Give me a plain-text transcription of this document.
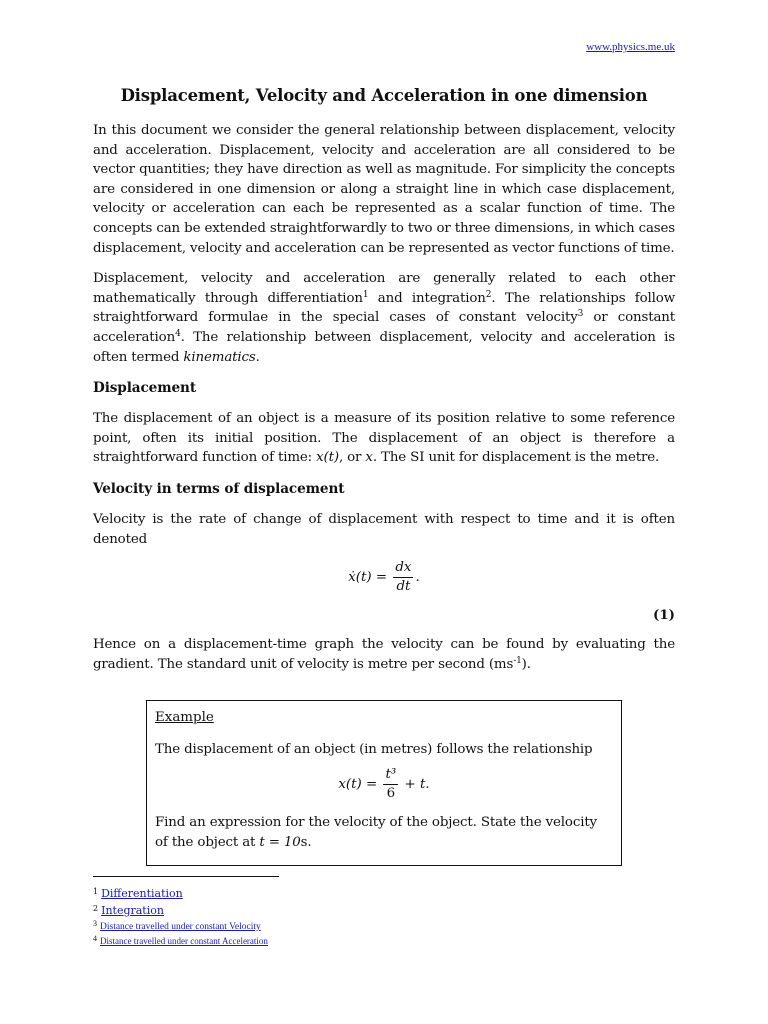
www.physics.me.uk
Displacement, Velocity and Acceleration in one dimension

In this document we consider the general relationship between displacement, velocity and acceleration. Displacement, velocity and acceleration are all considered to be vector quantities; they have direction as well as magnitude. For simplicity the concepts are considered in one dimension or along a straight line in which case displacement, velocity or acceleration can each be represented as a scalar function of time. The concepts can be extended straightforwardly to two or three dimensions, in which cases displacement, velocity and acceleration can be represented as vector functions of time.

Displacement, velocity and acceleration are generally related to each other mathematically through differentiation$^1$ and integration$^2$. The relationships follow straightforward formulae in the special cases of constant velocity$^3$ or constant acceleration$^4$. The relationship between displacement, velocity and acceleration is often termed kinematics.

Displacement

The displacement of an object is a measure of its position relative to some reference point, often its initial position. The displacement of an object is therefore a straightforward function of time: x(t), or x. The SI unit for displacement is the metre.

Velocity in terms of displacement

Velocity is the rate of change of displacement with respect to time and it is often denoted

ẋ(t) = $\frac{dx}{dt}$ .
(1)

Hence on a displacement-time graph the velocity can be found by evaluating the gradient. The standard unit of velocity is metre per second $(ms^{-1})$.

Example

The displacement of an object (in metres) follows the relationship

$x(t) = \frac{\text{t³}}{6} + t$.

Find an expression for the velocity of the object. State the velocity of the object at t = 10s.

$^1$ Differentiation
$^2$ Integration
$^3$ Distance travelled under constant Velocity
4 Distance travelled under constant Acceleration
